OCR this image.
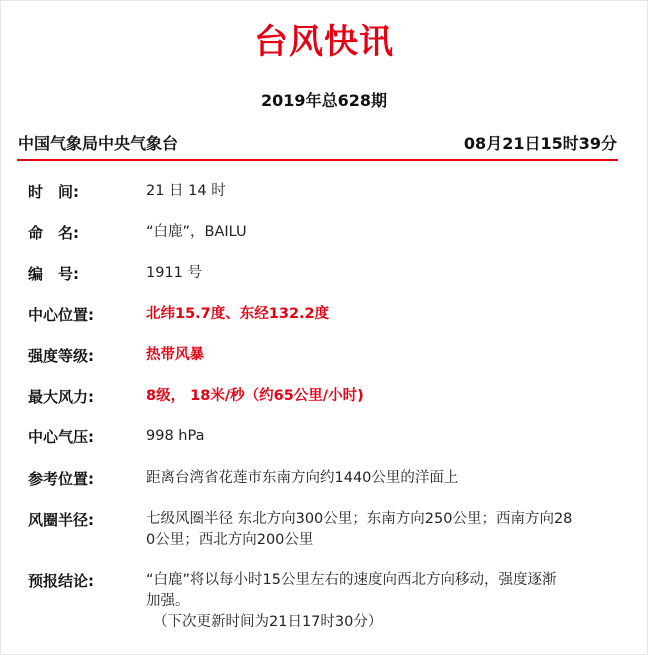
台风快讯
2019年总628期
中国气象局中央气象台	08月21日15时39分
时　间:	21 日 14 时
命　名:	“白鹿”，BAILU
编　号:	1911 号
中心位置:	北纬15.7度、东经132.2度
强度等级:	热带风暴
最大风力:	8级， 18米/秒（约65公里/小时)
中心气压:	998 hPa
参考位置:	距离台湾省花莲市东南方向约1440公里的洋面上
风圈半径:	七级风圈半径 东北方向300公里；东南方向250公里；西南方向28
0公里；西北方向200公里
预报结论:	“白鹿”将以每小时15公里左右的速度向西北方向移动，强度逐渐
加强。
（下次更新时间为21日17时30分）
